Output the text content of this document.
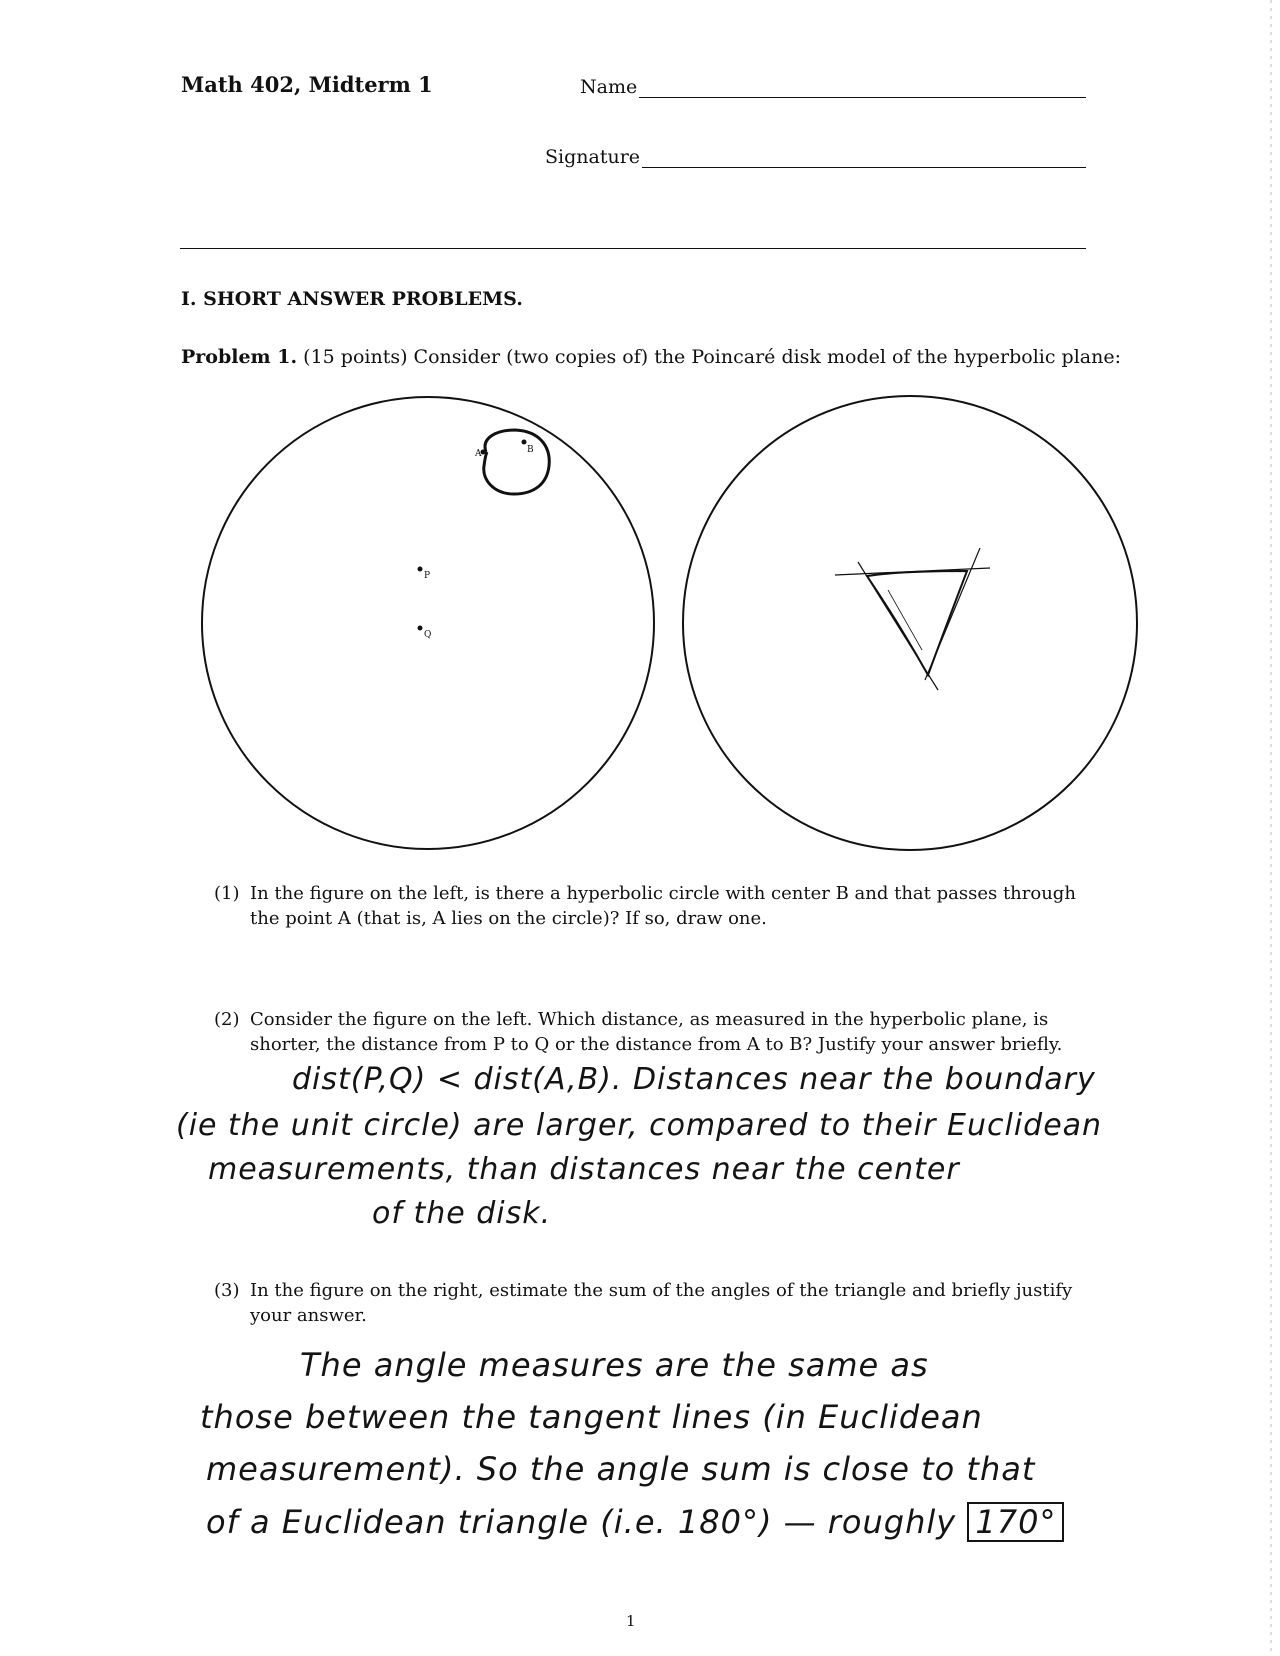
Math 402, Midterm 1	Name
Signature
I. SHORT ANSWER PROBLEMS.
Problem 1. (15 points) Consider (two copies of) the Poincaré disk model of the hyperbolic plane:
A	B
P
Q
(1) In the figure on the left, is there a hyperbolic circle with center B and that passes through
the point A (that is, A lies on the circle)? If so, draw one.
(2) Consider the figure on the left. Which distance, as measured in the hyperbolic plane, is
shorter, the distance from P to Q or the distance from A to B? Justify your answer briefly.
dist(P,Q) < dist(A,B). Distances near the boundary
(ie the unit circle) are larger, compared to their Euclidean
measurements, than distances near the center
of the disk.
(3) In the figure on the right, estimate the sum of the angles of the triangle and briefly justify
your answer.
The angle measures are the same as
those between the tangent lines (in Euclidean
measurement). So the angle sum is close to that
of a Euclidean triangle (i.e. 180°) — roughly 170°
1
